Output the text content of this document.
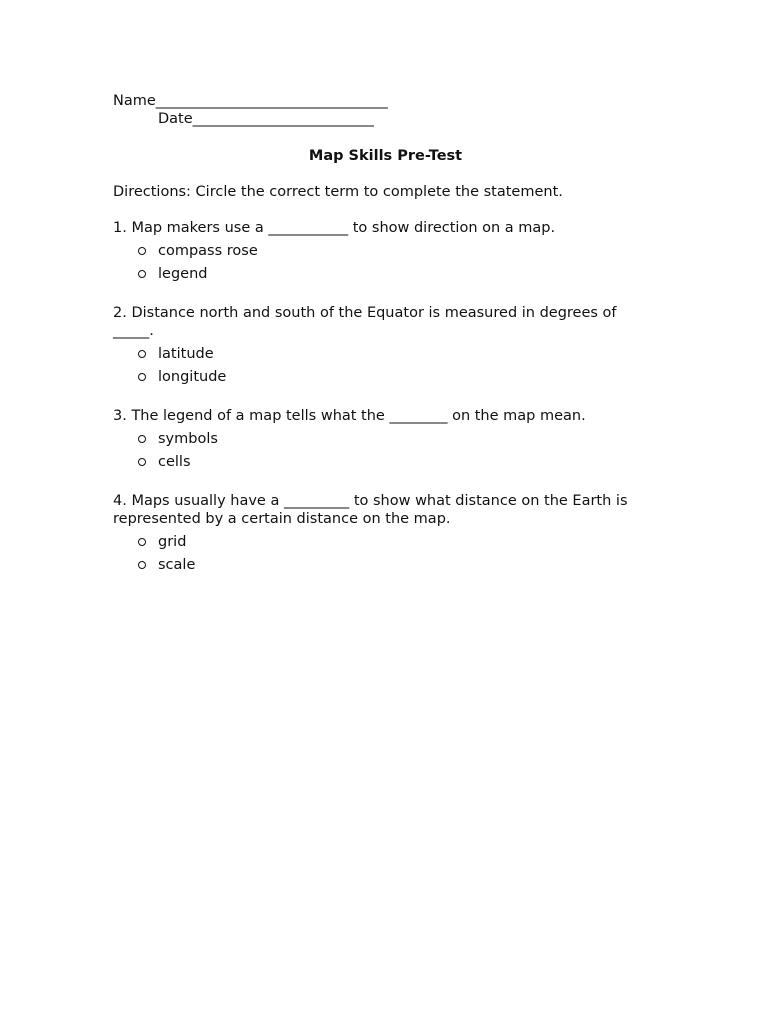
Name________________________________
Date_________________________
Map Skills Pre-Test
Directions: Circle the correct term to complete the statement.
1. Map makers use a ___________ to show direction on a map.
compass rose
legend
2. Distance north and south of the Equator is measured in degrees of _____.
latitude
longitude
3. The legend of a map tells what the ________ on the map mean.
symbols
cells
4. Maps usually have a _________ to show what distance on the Earth is represented by a certain distance on the map.
grid
scale
